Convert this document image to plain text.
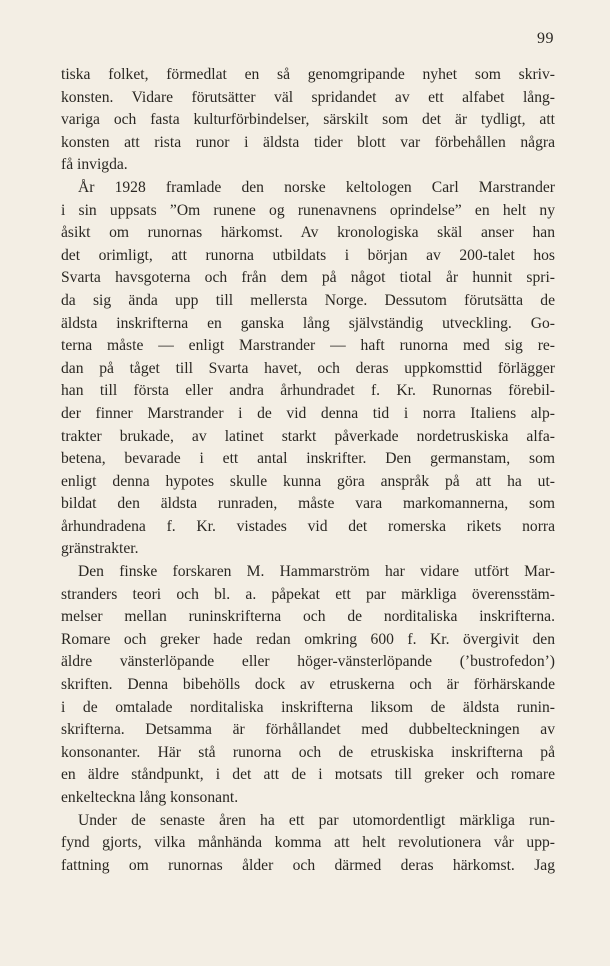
99
tiska folket, förmedlat en så genomgripande nyhet som skriv-
konsten. Vidare förutsätter väl spridandet av ett alfabet lång-
variga och fasta kulturförbindelser, särskilt som det är tydligt, att
konsten att rista runor i äldsta tider blott var förbehållen några
få invigda.
År 1928 framlade den norske keltologen Carl Marstrander
i sin uppsats ”Om runene og runenavnens oprindelse” en helt ny
åsikt om runornas härkomst. Av kronologiska skäl anser han
det orimligt, att runorna utbildats i början av 200-talet hos
Svarta havsgoterna och från dem på något tiotal år hunnit spri-
da sig ända upp till mellersta Norge. Dessutom förutsätta de
äldsta inskrifterna en ganska lång självständig utveckling. Go-
terna måste — enligt Marstrander — haft runorna med sig re-
dan på tåget till Svarta havet, och deras uppkomsttid förlägger
han till första eller andra århundradet f. Kr. Runornas förebil-
der finner Marstrander i de vid denna tid i norra Italiens alp-
trakter brukade, av latinet starkt påverkade nordetruskiska alfa-
betena, bevarade i ett antal inskrifter. Den germanstam, som
enligt denna hypotes skulle kunna göra anspråk på att ha ut-
bildat den äldsta runraden, måste vara markomannerna, som
århundradena f. Kr. vistades vid det romerska rikets norra
gränstrakter.
Den finske forskaren M. Hammarström har vidare utfört Mar-
stranders teori och bl. a. påpekat ett par märkliga överensstäm-
melser mellan runinskrifterna och de norditaliska inskrifterna.
Romare och greker hade redan omkring 600 f. Kr. övergivit den
äldre vänsterlöpande eller höger-vänsterlöpande (’bustrofedon’)
skriften. Denna bibehölls dock av etruskerna och är förhärskande
i de omtalade norditaliska inskrifterna liksom de äldsta runin-
skrifterna. Detsamma är förhållandet med dubbelteckningen av
konsonanter. Här stå runorna och de etruskiska inskrifterna på
en äldre ståndpunkt, i det att de i motsats till greker och romare
enkelteckna lång konsonant.
Under de senaste åren ha ett par utomordentligt märkliga run-
fynd gjorts, vilka månhända komma att helt revolutionera vår upp-
fattning om runornas ålder och därmed deras härkomst. Jag
